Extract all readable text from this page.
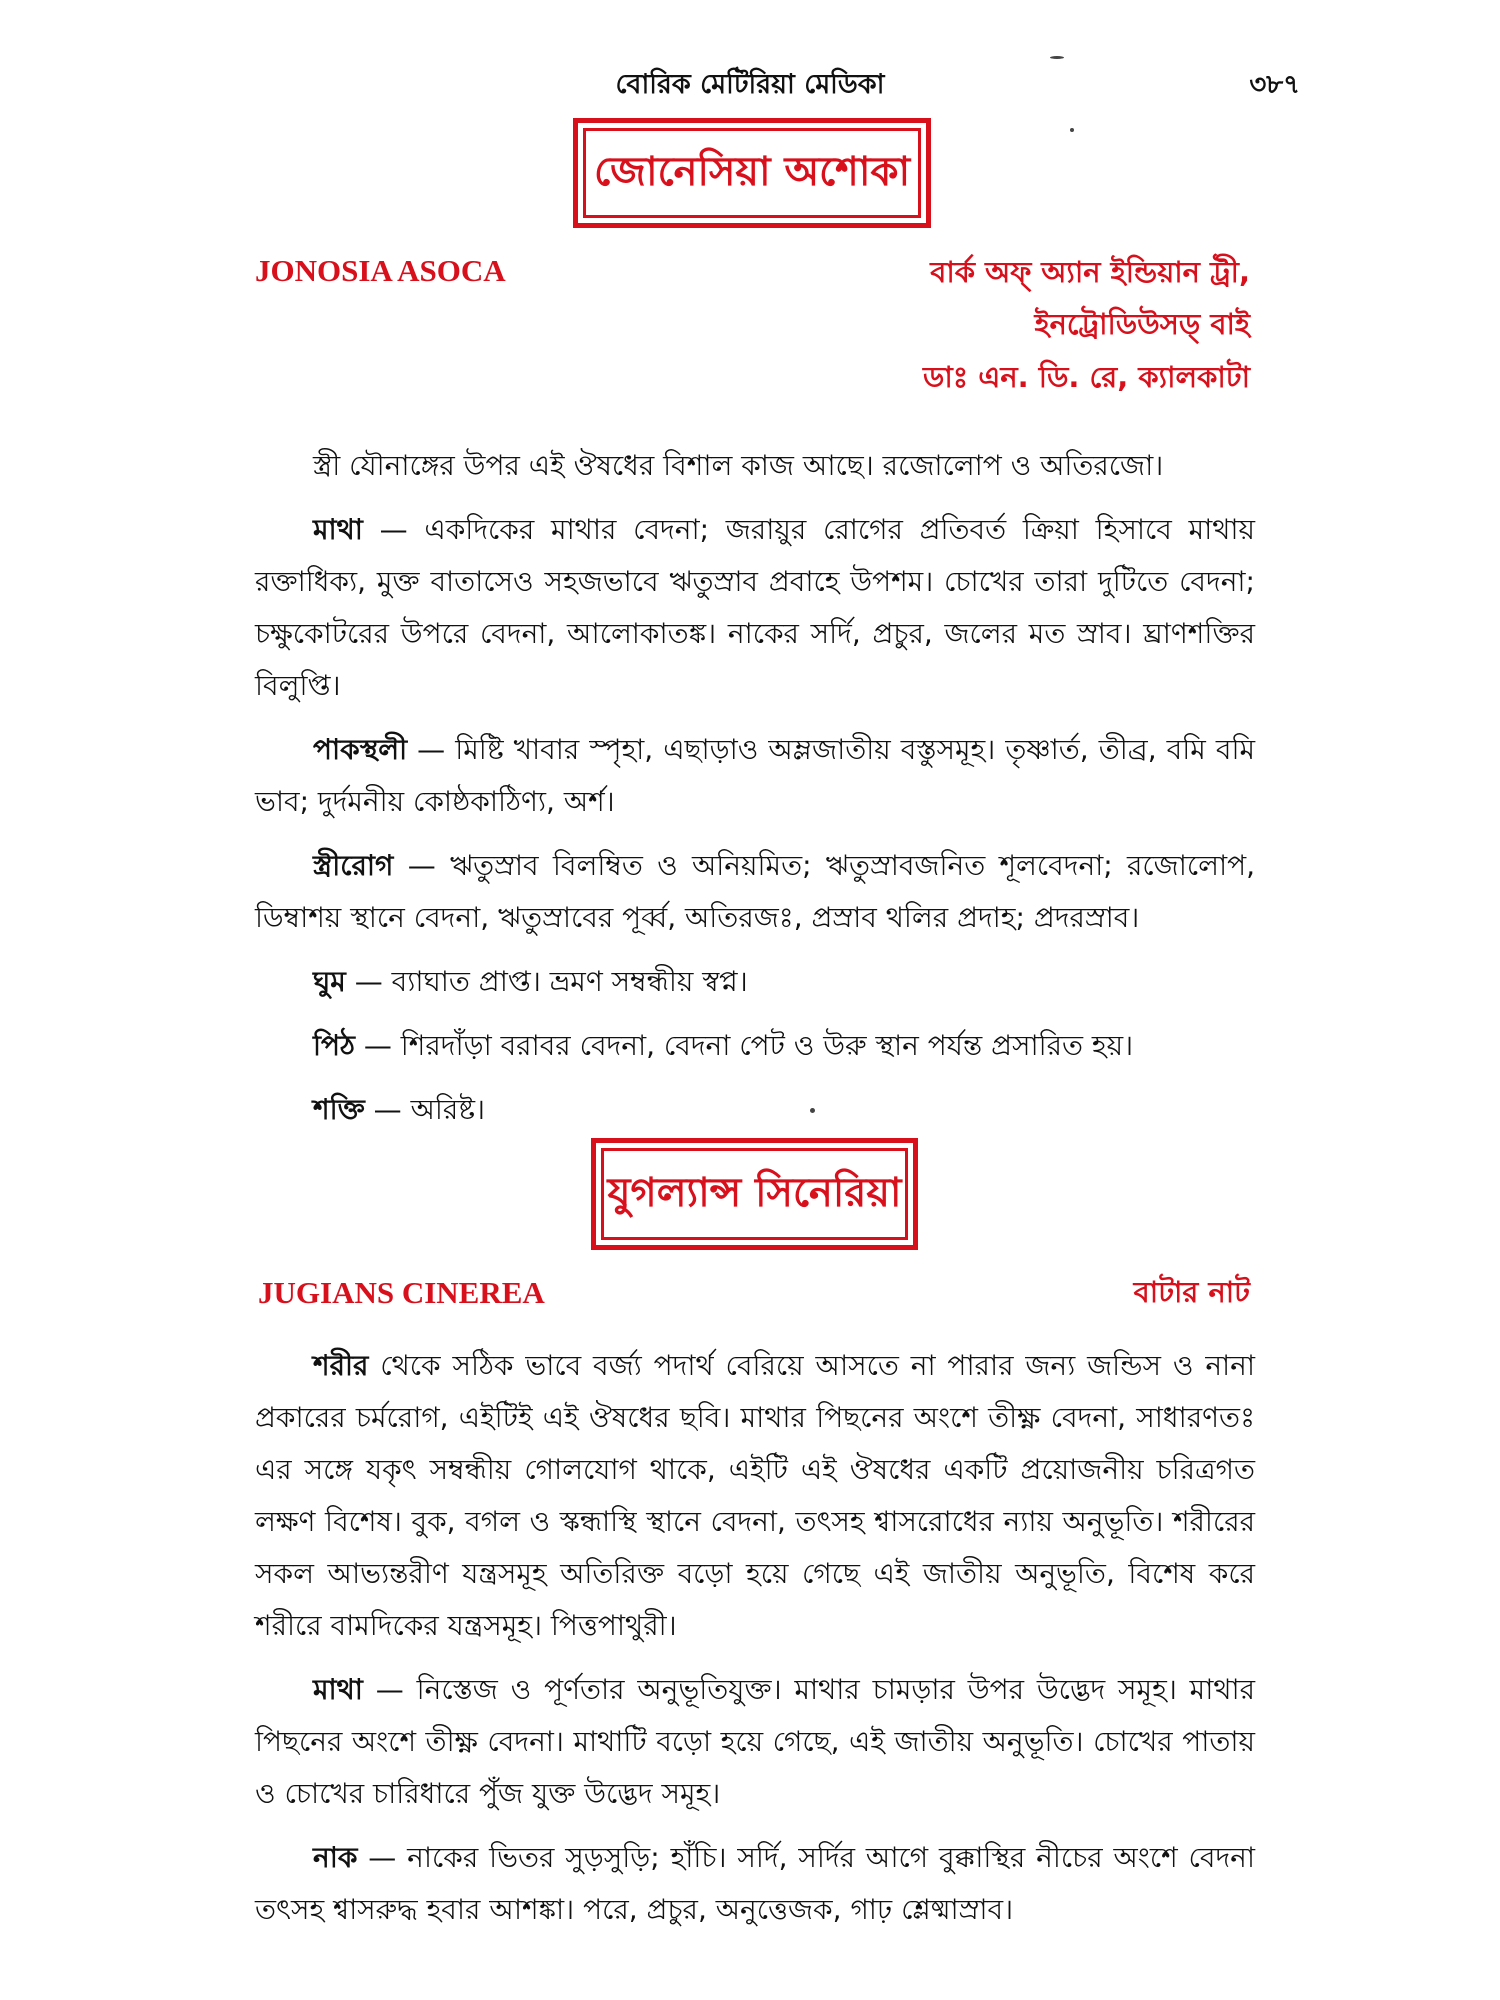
বোরিক মেটিরিয়া মেডিকা	৩৮৭
জোনেসিয়া অশোকা
JONOSIA ASOCA	বার্ক অফ্ অ্যান ইন্ডিয়ান ট্রী,
ইনট্রোডিউসড্ বাই
ডাঃ এন. ডি. রে, ক্যালকাটা

স্ত্রী যৌনাঙ্গের উপর এই ঔষধের বিশাল কাজ আছে। রজোলোপ ও অতিরজো।

মাথা — একদিকের মাথার বেদনা; জরায়ুর রোগের প্রতিবর্ত ক্রিয়া হিসাবে মাথায় রক্তাধিক্য, মুক্ত বাতাসেও সহজভাবে ঋতুস্রাব প্রবাহে উপশম। চোখের তারা দুটিতে বেদনা; চক্ষুকোটরের উপরে বেদনা, আলোকাতঙ্ক। নাকের সর্দি, প্রচুর, জলের মত স্রাব। ঘ্রাণশক্তির বিলুপ্তি।

পাকস্থলী — মিষ্টি খাবার স্পৃহা, এছাড়াও অম্লজাতীয় বস্তুসমূহ। তৃষ্ণার্ত, তীব্র, বমি বমি ভাব; দুর্দমনীয় কোষ্ঠকাঠিণ্য, অর্শ।

স্ত্রীরোগ — ঋতুস্রাব বিলম্বিত ও অনিয়মিত; ঋতুস্রাবজনিত শূলবেদনা; রজোলোপ, ডিম্বাশয় স্থানে বেদনা, ঋতুস্রাবের পূর্ব্ব, অতিরজঃ, প্রস্রাব থলির প্রদাহ; প্রদরস্রাব।

ঘুম — ব্যাঘাত প্রাপ্ত। ভ্রমণ সম্বন্ধীয় স্বপ্ন।

পিঠ — শিরদাঁড়া বরাবর বেদনা, বেদনা পেট ও উরু স্থান পর্যন্ত প্রসারিত হয়।

শক্তি — অরিষ্ট।

যুগল্যান্স সিনেরিয়া
JUGIANS CINEREA	বাটার নাট

শরীর থেকে সঠিক ভাবে বর্জ্য পদার্থ বেরিয়ে আসতে না পারার জন্য জন্ডিস ও নানা প্রকারের চর্মরোগ, এইটিই এই ঔষধের ছবি। মাথার পিছনের অংশে তীক্ষ্ণ বেদনা, সাধারণতঃ এর সঙ্গে যকৃৎ সম্বন্ধীয় গোলযোগ থাকে, এইটি এই ঔষধের একটি প্রয়োজনীয় চরিত্রগত লক্ষণ বিশেষ। বুক, বগল ও স্কন্ধাস্থি স্থানে বেদনা, তৎসহ শ্বাসরোধের ন্যায় অনুভূতি। শরীরের সকল আভ্যন্তরীণ যন্ত্রসমূহ অতিরিক্ত বড়ো হয়ে গেছে এই জাতীয় অনুভূতি, বিশেষ করে শরীরে বামদিকের যন্ত্রসমূহ। পিত্তপাথুরী।

মাথা — নিস্তেজ ও পূর্ণতার অনুভূতিযুক্ত। মাথার চামড়ার উপর উদ্ভেদ সমূহ। মাথার পিছনের অংশে তীক্ষ্ণ বেদনা। মাথাটি বড়ো হয়ে গেছে, এই জাতীয় অনুভূতি। চোখের পাতায় ও চোখের চারিধারে পুঁজ যুক্ত উদ্ভেদ সমূহ।

নাক — নাকের ভিতর সুড়সুড়ি; হাঁচি। সর্দি, সর্দির আগে বুক্কাস্থির নীচের অংশে বেদনা তৎসহ শ্বাসরুদ্ধ হবার আশঙ্কা। পরে, প্রচুর, অনুত্তেজক, গাঢ় শ্লেষ্মাস্রাব।
